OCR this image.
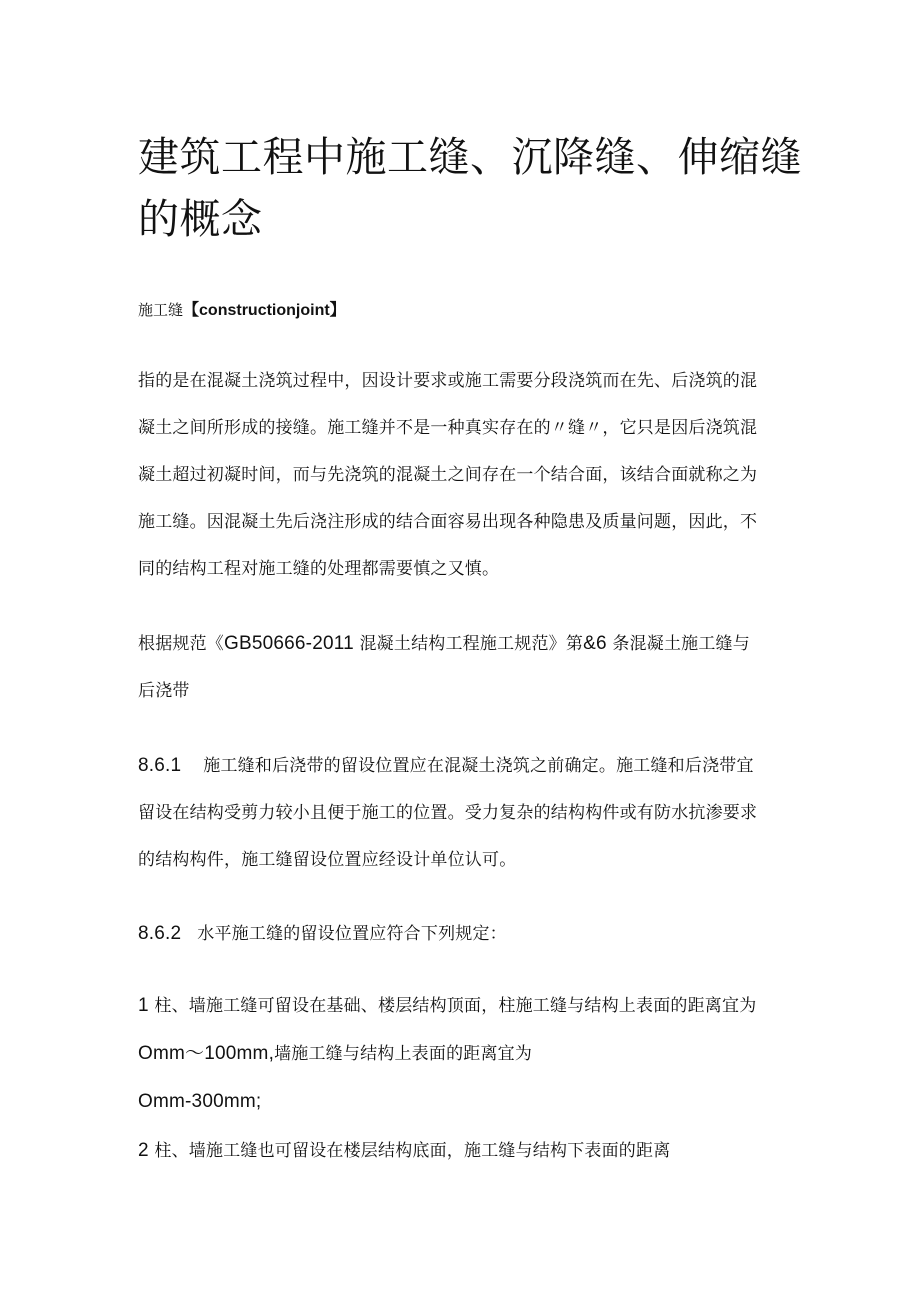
建筑工程中施工缝、沉降缝、伸缩缝
的概念

施工缝【constructionjoint】

指的是在混凝土浇筑过程中，因设计要求或施工需要分段浇筑而在先、后浇筑的混
凝土之间所形成的接缝。施工缝并不是一种真实存在的〃缝〃，它只是因后浇筑混
凝土超过初凝时间，而与先浇筑的混凝土之间存在一个结合面，该结合面就称之为
施工缝。因混凝土先后浇注形成的结合面容易出现各种隐患及质量问题，因此，不
同的结构工程对施工缝的处理都需要慎之又慎。

根据规范《GB50666-2011 混凝土结构工程施工规范》第&6 条混凝土施工缝与
后浇带

8.6.1 施工缝和后浇带的留设位置应在混凝土浇筑之前确定。施工缝和后浇带宜
留设在结构受剪力较小且便于施工的位置。受力复杂的结构构件或有防水抗渗要求
的结构构件，施工缝留设位置应经设计单位认可。

8.6.2 水平施工缝的留设位置应符合下列规定：

1 柱、墙施工缝可留设在基础、楼层结构顶面，柱施工缝与结构上表面的距离宜为
Omm～100mm,墙施工缝与结构上表面的距离宜为
Omm-300mm;

2 柱、墙施工缝也可留设在楼层结构底面，施工缝与结构下表面的距离
